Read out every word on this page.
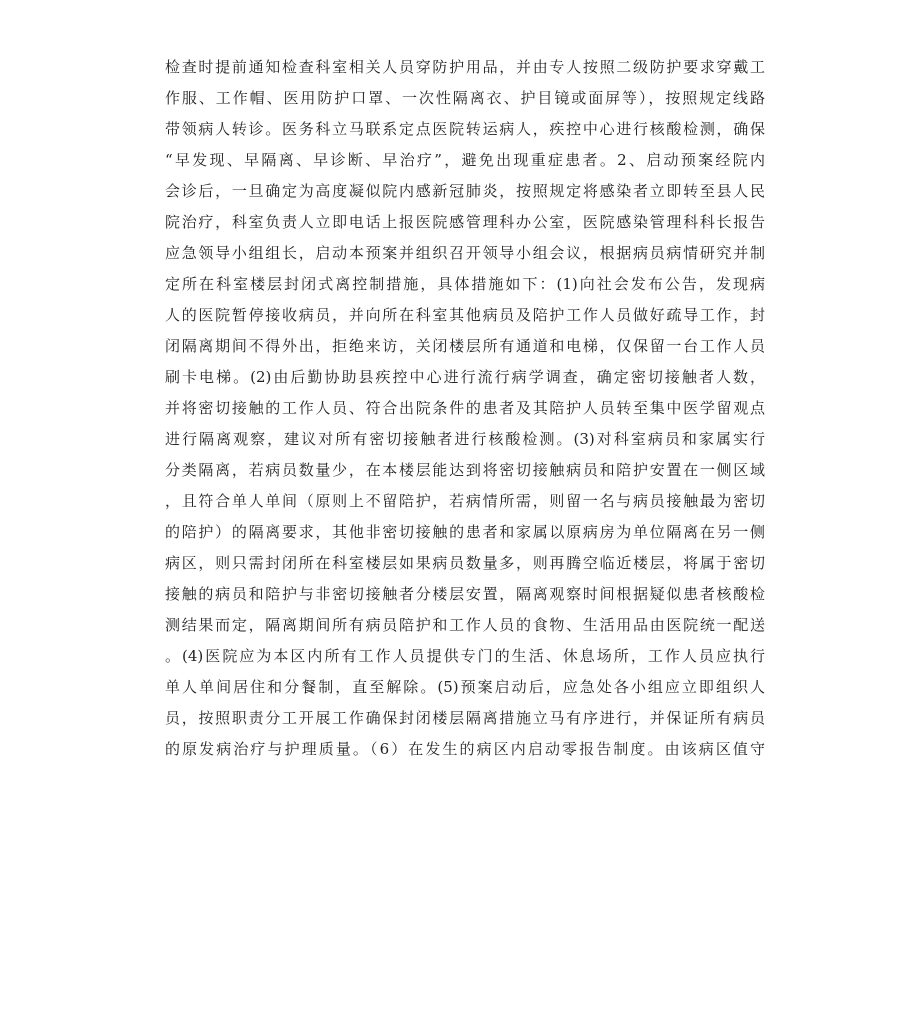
检查时提前通知检查科室相关人员穿防护用品，并由专人按照二级防护要求穿戴工
作服、工作帽、医用防护口罩、一次性隔离衣、护目镜或面屏等），按照规定线路
带领病人转诊。医务科立马联系定点医院转运病人，疾控中心进行核酸检测，确保
“早发现、早隔离、早诊断、早治疗”，避免出现重症患者。2、启动预案经院内
会诊后，一旦确定为高度凝似院内感新冠肺炎，按照规定将感染者立即转至县人民
院治疗，科室负责人立即电话上报医院感管理科办公室，医院感染管理科科长报告
应急领导小组组长，启动本预案并组织召开领导小组会议，根据病员病情研究并制
定所在科室楼层封闭式离控制措施，具体措施如下：(1)向社会发布公告，发现病
人的医院暂停接收病员，并向所在科室其他病员及陪护工作人员做好疏导工作，封
闭隔离期间不得外出，拒绝来访，关闭楼层所有通道和电梯，仅保留一台工作人员
刷卡电梯。(2)由后勤协助县疾控中心进行流行病学调查，确定密切接触者人数，
并将密切接触的工作人员、符合出院条件的患者及其陪护人员转至集中医学留观点
进行隔离观察，建议对所有密切接触者进行核酸检测。(3)对科室病员和家属实行
分类隔离，若病员数量少，在本楼层能达到将密切接触病员和陪护安置在一侧区域
，且符合单人单间（原则上不留陪护，若病情所需，则留一名与病员接触最为密切
的陪护）的隔离要求，其他非密切接触的患者和家属以原病房为单位隔离在另一侧
病区，则只需封闭所在科室楼层如果病员数量多，则再腾空临近楼层，将属于密切
接触的病员和陪护与非密切接触者分楼层安置，隔离观察时间根据疑似患者核酸检
测结果而定，隔离期间所有病员陪护和工作人员的食物、生活用品由医院统一配送
。(4)医院应为本区内所有工作人员提供专门的生活、休息场所，工作人员应执行
单人单间居住和分餐制，直至解除。(5)预案启动后，应急处各小组应立即组织人
员，按照职责分工开展工作确保封闭楼层隔离措施立马有序进行，并保证所有病员
的原发病治疗与护理质量。（6）在发生的病区内启动零报告制度。由该病区值守
